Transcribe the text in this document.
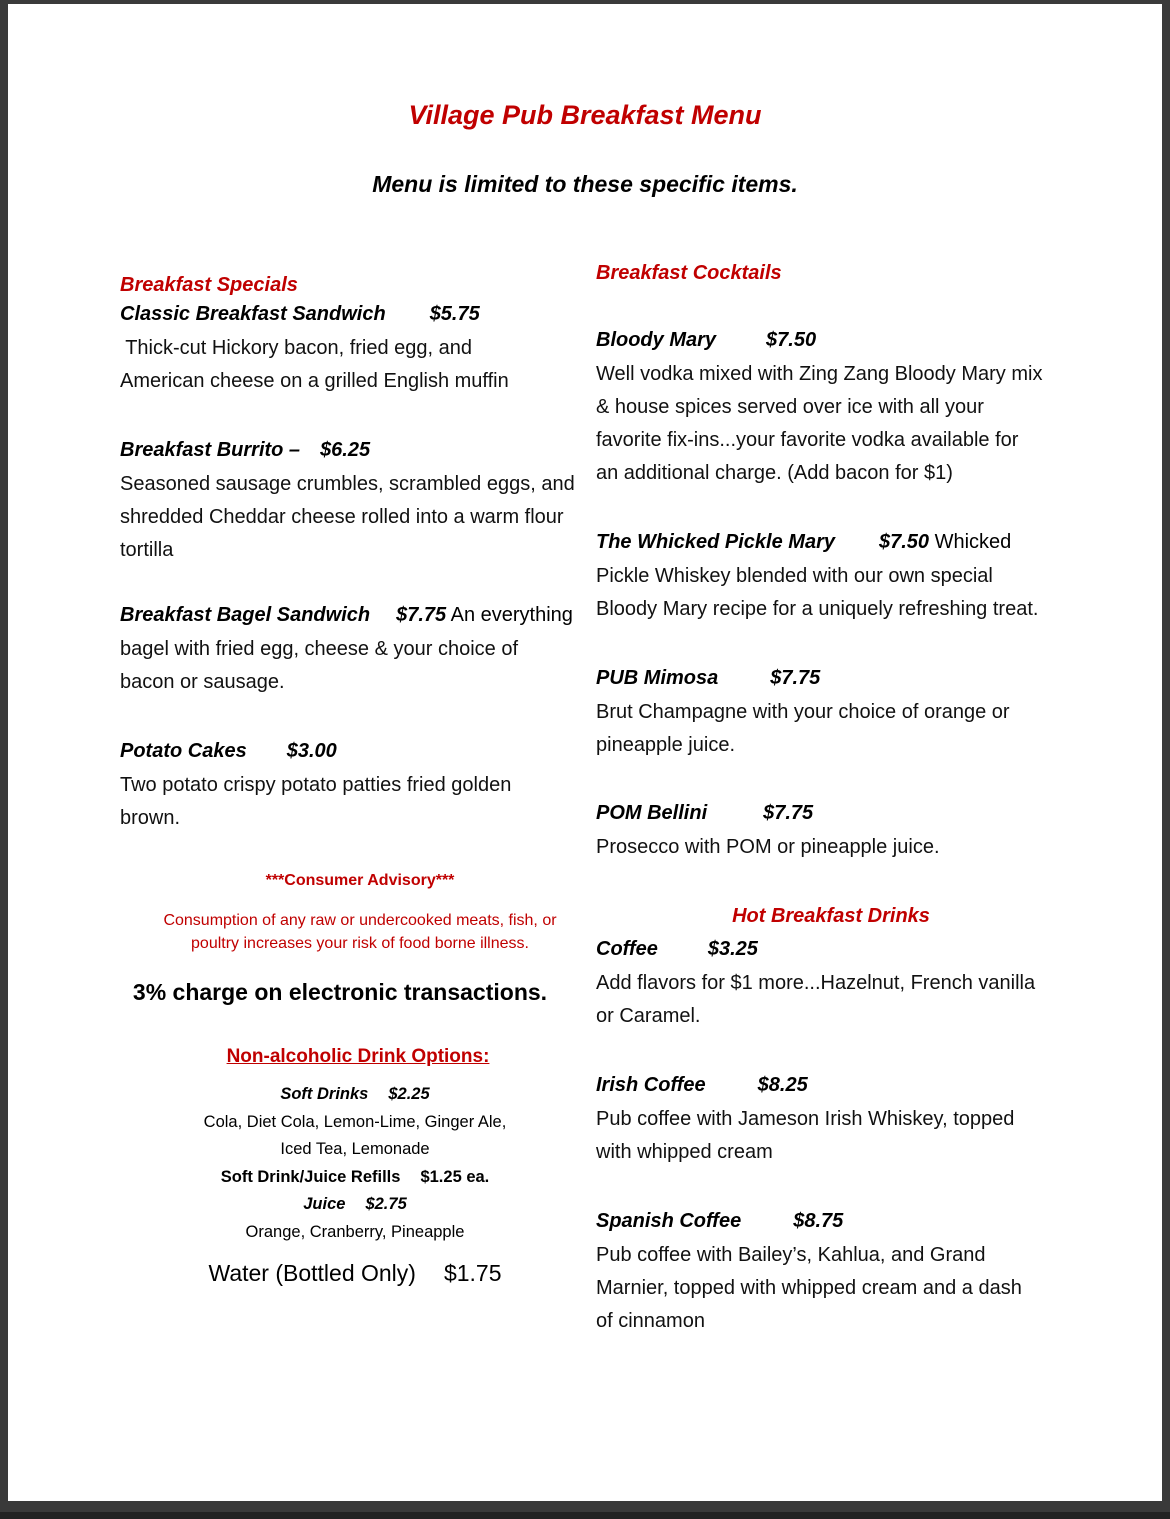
Village Pub Breakfast Menu
Menu is limited to these specific items.
Breakfast Specials
Classic Breakfast Sandwich $5.75
Thick-cut Hickory bacon, fried egg, and
American cheese on a grilled English muffin
Breakfast Burrito – $6.25
Seasoned sausage crumbles, scrambled eggs, and
shredded Cheddar cheese rolled into a warm flour
tortilla
Breakfast Bagel Sandwich $7.75 An everything
bagel with fried egg, cheese & your choice of
bacon or sausage.
Potato Cakes $3.00
Two potato crispy potato patties fried golden
brown.
***Consumer Advisory***
Consumption of any raw or undercooked meats, fish, or
poultry increases your risk of food borne illness.
3% charge on electronic transactions.
Non-alcoholic Drink Options:
Soft Drinks $2.25
Cola, Diet Cola, Lemon-Lime, Ginger Ale,
Iced Tea, Lemonade
Soft Drink/Juice Refills $1.25 ea.
Juice $2.75
Orange, Cranberry, Pineapple
Water (Bottled Only) $1.75
Breakfast Cocktails
Bloody Mary	$7.50
Well vodka mixed with Zing Zang Bloody Mary mix
& house spices served over ice with all your
favorite fix-ins...your favorite vodka available for
an additional charge. (Add bacon for $1)
The Whicked Pickle Mary $7.50 Whicked
Pickle Whiskey blended with our own special
Bloody Mary recipe for a uniquely refreshing treat.
PUB Mimosa	$7.75
Brut Champagne with your choice of orange or
pineapple juice.
POM Bellini	$7.75
Prosecco with POM or pineapple juice.
Hot Breakfast Drinks
Coffee	$3.25
Add flavors for $1 more...Hazelnut, French vanilla
or Caramel.
Irish Coffee	$8.25
Pub coffee with Jameson Irish Whiskey, topped
with whipped cream
Spanish Coffee	$8.75
Pub coffee with Bailey’s, Kahlua, and Grand
Marnier, topped with whipped cream and a dash
of cinnamon
